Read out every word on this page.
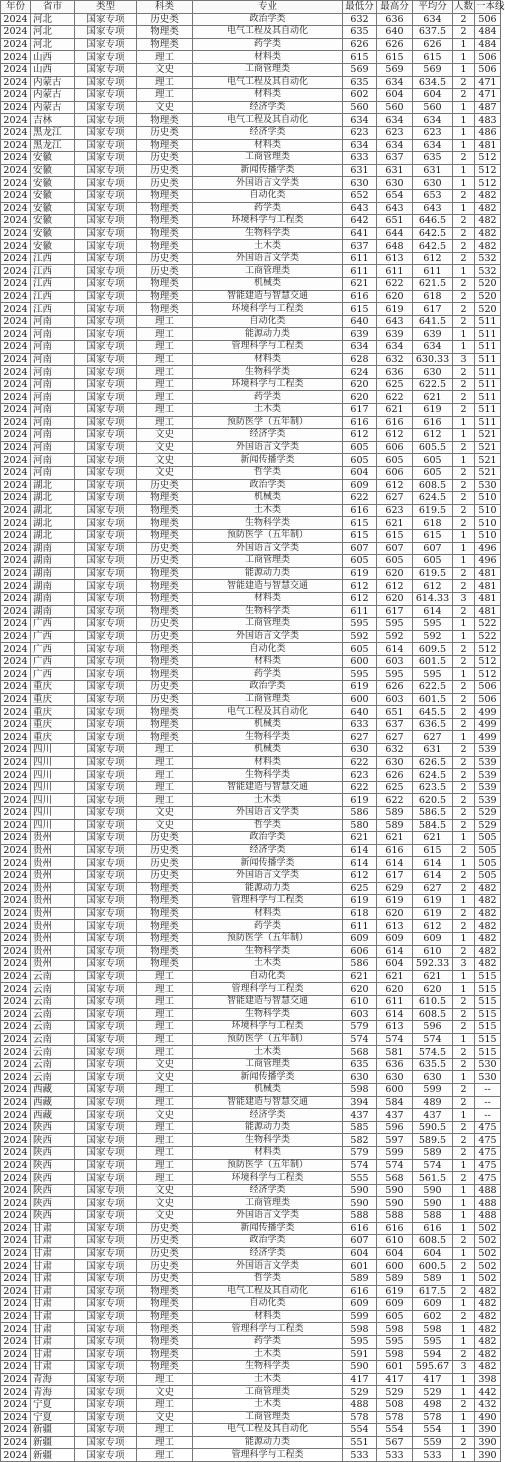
年份	省市	类型	科类	专业	最低分	最高分	平均分	人数	一本线
2024	河北	国家专项	历史类	政治学类	632	636	634	2	506
2024	河北	国家专项	物理类	电气工程及其自动化	635	640	637.5	2	484
2024	河北	国家专项	物理类	药学类	626	626	626	1	484
2024	山西	国家专项	理工	材料类	615	615	615	1	506
2024	山西	国家专项	文史	工商管理类	569	569	569	1	506
2024	内蒙古	国家专项	理工	电气工程及其自动化	635	634	634.5	2	471
2024	内蒙古	国家专项	理工	材料类	602	604	604	2	471
2024	内蒙古	国家专项	文史	经济学类	560	560	560	1	487
2024	吉林	国家专项	物理类	电气工程及其自动化	634	634	634	1	483
2024	黑龙江	国家专项	历史类	经济学类	623	623	623	1	486
2024	黑龙江	国家专项	物理类	材料类	634	634	634	1	481
2024	安徽	国家专项	历史类	工商管理类	633	637	635	2	512
2024	安徽	国家专项	历史类	新闻传播学类	631	631	631	1	512
2024	安徽	国家专项	历史类	外国语言文学类	630	630	630	1	512
2024	安徽	国家专项	物理类	自动化类	652	654	653	2	482
2024	安徽	国家专项	物理类	药学类	643	643	643	1	482
2024	安徽	国家专项	物理类	环境科学与工程类	642	651	646.5	2	482
2024	安徽	国家专项	物理类	生物科学类	641	644	642.5	2	482
2024	安徽	国家专项	物理类	土木类	637	648	642.5	2	482
2024	江西	国家专项	历史类	外国语言文学类	611	613	612	2	532
2024	江西	国家专项	历史类	工商管理类	611	611	611	1	532
2024	江西	国家专项	物理类	机械类	621	622	621.5	2	520
2024	江西	国家专项	物理类	智能建造与智慧交通	616	620	618	2	520
2024	江西	国家专项	物理类	环境科学与工程类	615	619	617	2	520
2024	河南	国家专项	理工	自动化类	640	643	641.5	2	511
2024	河南	国家专项	理工	能源动力类	639	639	639	1	511
2024	河南	国家专项	理工	管理科学与工程类	634	634	634	1	511
2024	河南	国家专项	理工	材料类	628	632	630.33	3	511
2024	河南	国家专项	理工	生物科学类	624	636	630	2	511
2024	河南	国家专项	理工	环境科学与工程类	620	625	622.5	2	511
2024	河南	国家专项	理工	药学类	620	622	621	2	511
2024	河南	国家专项	理工	土木类	617	621	619	2	511
2024	河南	国家专项	理工	预防医学（五年制）	616	616	616	1	511
2024	河南	国家专项	文史	经济学类	612	612	612	1	521
2024	河南	国家专项	文史	外国语言文学类	605	606	605.5	2	521
2024	河南	国家专项	文史	新闻传播学类	605	605	605	1	521
2024	河南	国家专项	文史	哲学类	604	606	605	2	521
2024	湖北	国家专项	历史类	政治学类	609	612	608.5	2	530
2024	湖北	国家专项	物理类	机械类	622	627	624.5	2	510
2024	湖北	国家专项	物理类	土木类	616	623	619.5	2	510
2024	湖北	国家专项	物理类	生物科学类	615	621	618	2	510
2024	湖北	国家专项	物理类	预防医学（五年制）	615	615	615	1	510
2024	湖南	国家专项	历史类	外国语言文学类	607	607	607	1	496
2024	湖南	国家专项	历史类	工商管理类	605	605	605	1	496
2024	湖南	国家专项	物理类	能源动力类	619	620	619.5	2	481
2024	湖南	国家专项	物理类	智能建造与智慧交通	612	612	612	2	481
2024	湖南	国家专项	物理类	材料类	612	620	614.33	3	481
2024	湖南	国家专项	物理类	生物科学类	611	617	614	2	481
2024	广西	国家专项	历史类	工商管理类	595	595	595	1	522
2024	广西	国家专项	历史类	外国语言文学类	592	592	592	1	522
2024	广西	国家专项	物理类	自动化类	605	614	609.5	2	512
2024	广西	国家专项	物理类	材料类	600	603	601.5	2	512
2024	广西	国家专项	物理类	药学类	595	595	595	1	512
2024	重庆	国家专项	历史类	政治学类	619	626	622.5	2	506
2024	重庆	国家专项	历史类	工商管理类	600	603	601.5	2	506
2024	重庆	国家专项	物理类	电气工程及其自动化	640	651	645.5	2	499
2024	重庆	国家专项	物理类	机械类	633	637	636.5	2	499
2024	重庆	国家专项	物理类	生物科学类	627	627	627	1	499
2024	四川	国家专项	理工	机械类	630	632	631	2	539
2024	四川	国家专项	理工	材料类	622	630	626.5	2	539
2024	四川	国家专项	理工	生物科学类	623	626	624.5	2	539
2024	四川	国家专项	理工	智能建造与智慧交通	622	625	623.5	2	539
2024	四川	国家专项	理工	土木类	619	622	620.5	2	539
2024	四川	国家专项	文史	外国语言文学类	586	589	586.5	2	529
2024	四川	国家专项	文史	哲学类	580	589	584.5	2	529
2024	贵州	国家专项	历史类	政治学类	621	621	621	1	505
2024	贵州	国家专项	历史类	经济学类	614	616	615	2	505
2024	贵州	国家专项	历史类	新闻传播学类	614	614	614	1	505
2024	贵州	国家专项	历史类	外国语言文学类	612	617	614	2	505
2024	贵州	国家专项	物理类	能源动力类	625	629	627	2	482
2024	贵州	国家专项	物理类	管理科学与工程类	619	619	619	1	482
2024	贵州	国家专项	物理类	材料类	618	620	619	2	482
2024	贵州	国家专项	物理类	药学类	611	613	612	2	482
2024	贵州	国家专项	物理类	预防医学（五年制）	609	609	609	1	482
2024	贵州	国家专项	物理类	生物科学类	606	614	610	2	482
2024	贵州	国家专项	物理类	土木类	586	604	592.33	3	482
2024	云南	国家专项	理工	自动化类	621	621	621	1	515
2024	云南	国家专项	理工	管理科学与工程类	620	620	620	1	515
2024	云南	国家专项	理工	智能建造与智慧交通	610	611	610.5	2	515
2024	云南	国家专项	理工	生物科学类	603	614	608.5	2	515
2024	云南	国家专项	理工	环境科学与工程类	579	613	596	2	515
2024	云南	国家专项	理工	预防医学（五年制）	574	574	574	1	515
2024	云南	国家专项	理工	土木类	568	581	574.5	2	515
2024	云南	国家专项	文史	工商管理类	635	636	635.5	2	530
2024	云南	国家专项	文史	新闻传播学类	630	630	630	1	530
2024	西藏	国家专项	理工	机械类	598	600	599	2	--
2024	西藏	国家专项	理工	智能建造与智慧交通	394	584	489	2	--
2024	西藏	国家专项	文史	经济学类	437	437	437	1	--
2024	陕西	国家专项	理工	能源动力类	585	596	590.5	2	475
2024	陕西	国家专项	理工	生物科学类	582	597	589.5	2	475
2024	陕西	国家专项	理工	材料类	579	599	589	2	475
2024	陕西	国家专项	理工	预防医学（五年制）	574	574	574	1	475
2024	陕西	国家专项	理工	环境科学与工程类	555	568	561.5	2	475
2024	陕西	国家专项	文史	经济学类	590	590	590	1	488
2024	陕西	国家专项	文史	工商管理类	590	590	590	1	488
2024	陕西	国家专项	文史	外国语言文学类	588	588	588	1	488
2024	甘肃	国家专项	历史类	新闻传播学类	616	616	616	1	502
2024	甘肃	国家专项	历史类	政治学类	607	610	608.5	2	502
2024	甘肃	国家专项	历史类	经济学类	604	604	604	1	502
2024	甘肃	国家专项	历史类	外国语言文学类	601	600	600.5	2	502
2024	甘肃	国家专项	历史类	哲学类	589	589	589	1	502
2024	甘肃	国家专项	物理类	电气工程及其自动化	616	619	617.5	2	482
2024	甘肃	国家专项	物理类	自动化类	609	609	609	1	482
2024	甘肃	国家专项	物理类	材料类	599	605	602	2	482
2024	甘肃	国家专项	物理类	管理科学与工程类	598	598	598	1	482
2024	甘肃	国家专项	物理类	药学类	595	595	595	1	482
2024	甘肃	国家专项	物理类	土木类	591	598	594	2	482
2024	甘肃	国家专项	物理类	生物科学类	590	601	595.67	3	482
2024	青海	国家专项	理工	土木类	417	417	417	1	398
2024	青海	国家专项	文史	工商管理类	529	529	529	1	442
2024	宁夏	国家专项	理工	土木类	488	508	498	2	432
2024	宁夏	国家专项	文史	工商管理类	578	578	578	1	490
2024	新疆	国家专项	理工	电气工程及其自动化	554	554	554	1	390
2024	新疆	国家专项	理工	能源动力类	551	567	559	2	390
2024	新疆	国家专项	理工	管理科学与工程类	533	533	533	1	390
